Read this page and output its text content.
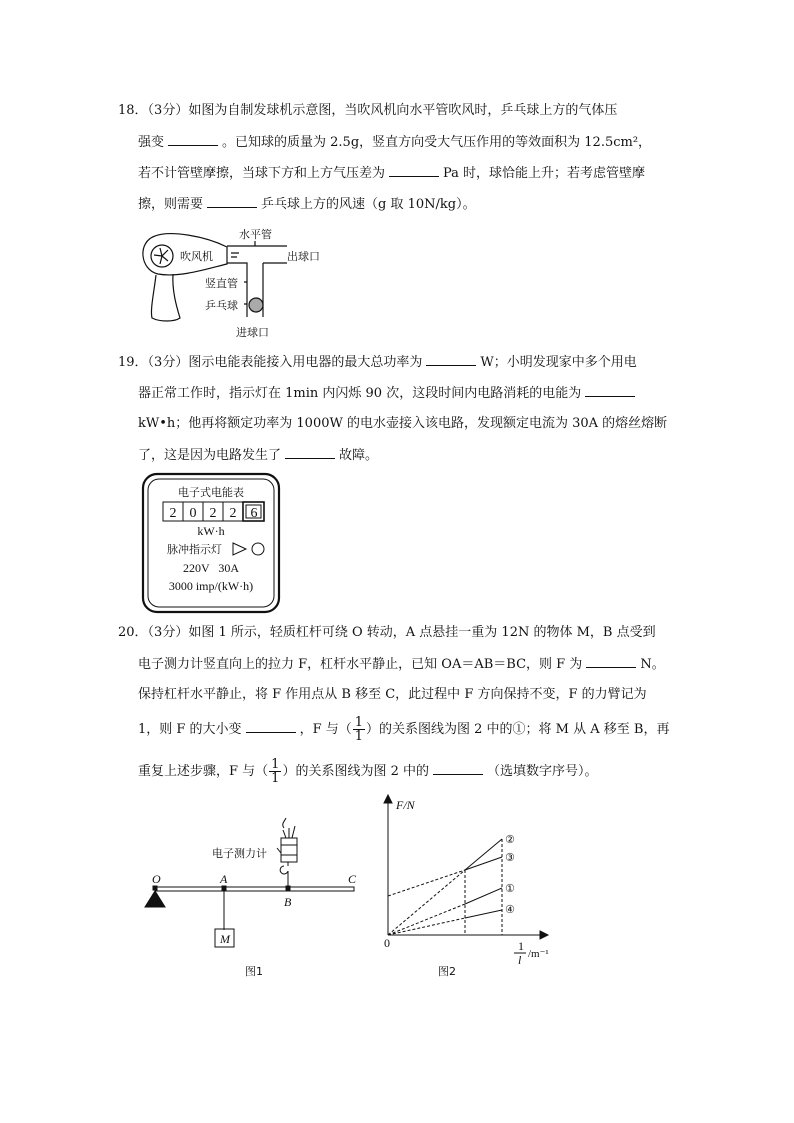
18．（3分）如图为自制发球机示意图，当吹风机向水平管吹风时，乒乓球上方的气体压
强变	。已知球的质量为 2.5g，竖直方向受大气压作用的等效面积为 12.5cm²，
若不计管壁摩擦，当球下方和上方气压差为	Pa 时，球恰能上升；若考虑管壁摩
擦，则需要	乒乓球上方的风速（g 取 10N/kg）。
水平管
吹风机	出球口
竖直管
乒乓球
进球口
电子式电能表
2 0 2 2 6
kW·h
脉冲指示灯
220V   30A
3000 imp/(kW·h)
电子测力计
O	A
B
C
M
图1
F/N
0
②
③
①
④
1
l /m⁻¹
图2
19．（3分）图示电能表能接入用电器的最大总功率为	W；小明发现家中多个用电
器正常工作时，指示灯在 1min 内闪烁 90 次，这段时间内电路消耗的电能为
kW•h；他再将额定功率为 1000W 的电水壶接入该电路，发现额定电流为 30A 的熔丝熔断
了，这是因为电路发生了	故障。
20．（3分）如图 1 所示，轻质杠杆可绕 O 转动，A 点悬挂一重为 12N 的物体 M，B 点受到
电子测力计竖直向上的拉力 F，杠杆水平静止，已知 OA＝AB＝BC，则 F 为	N。
保持杠杆水平静止，将 F 作用点从 B 移至 C，此过程中 F 方向保持不变，F 的力臂记为
1，则 F 的大小变	，F 与（ $\frac{1}{1}$ ）的关系图线为图 2 中的①；将 M 从 A 移至 B，再
重复上述步骤，F 与（ $\frac{1}{1}$ ）的关系图线为图 2 中的	（选填数字序号）。
